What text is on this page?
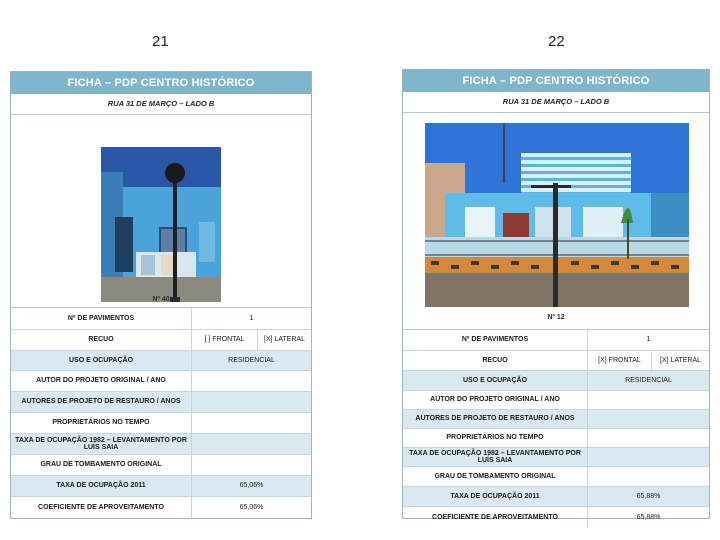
21	22
FICHA – PDP CENTRO HISTÓRICO
RUA 31 DE MARÇO – LADO B
Nº 40
Nº DE PAVIMENTOS	1
RECUO	[ ] FRONTAL	[X] LATERAL
USO E OCUPAÇÃO	RESIDENCIAL
AUTOR DO PROJETO ORIGINAL / ANO
AUTORES DE PROJETO DE RESTAURO / ANOS
PROPRIETÁRIOS NO TEMPO
TAXA DE OCUPAÇÃO 1982 – LEVANTAMENTO POR LUÍS SAIA
GRAU DE TOMBAMENTO ORIGINAL
TAXA DE OCUPAÇÃO 2011	65,06%
COEFICIENTE DE APROVEITAMENTO	65,06%
FICHA – PDP CENTRO HISTÓRICO
RUA 31 DE MARÇO – LADO B
Nº 12
Nº DE PAVIMENTOS	1
RECUO	[X] FRONTAL	[X] LATERAL
USO E OCUPAÇÃO	RESIDENCIAL
AUTOR DO PROJETO ORIGINAL / ANO
AUTORES DE PROJETO DE RESTAURO / ANOS
PROPRIETÁRIOS NO TEMPO
TAXA DE OCUPAÇÃO 1982 – LEVANTAMENTO POR LUÍS SAIA
GRAU DE TOMBAMENTO ORIGINAL
TAXA DE OCUPAÇÃO 2011	65,88%
COEFICIENTE DE APROVEITAMENTO	65,88%
